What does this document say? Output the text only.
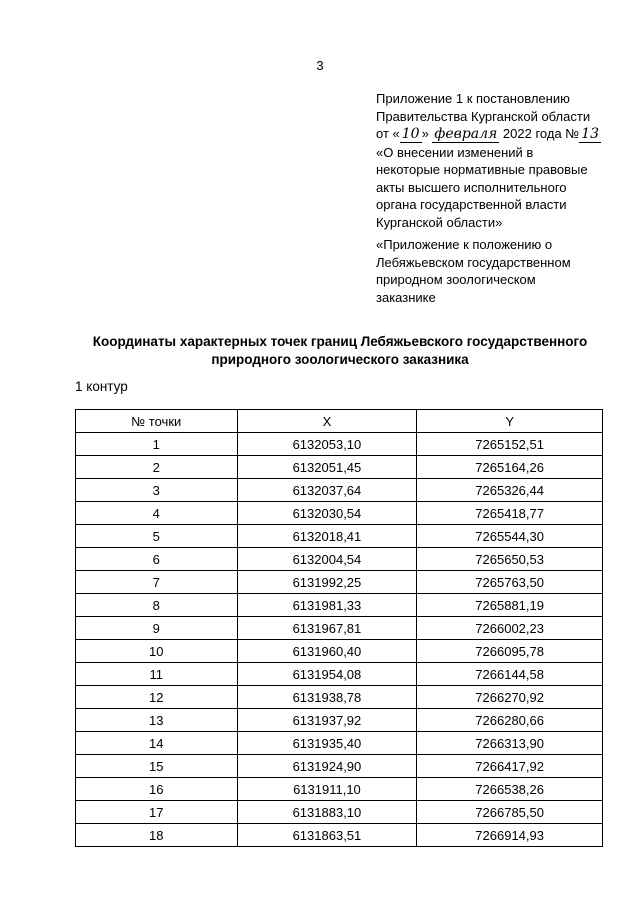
3
Приложение 1 к постановлению
Правительства Курганской области
от « 10 » февраля 2022 года № 13
«О внесении изменений в
некоторые нормативные правовые
акты высшего исполнительного
органа государственной власти
Курганской области»
«Приложение к положению о
Лебяжьевском государственном
природном зоологическом
заказнике
Координаты характерных точек границ Лебяжьевского государственного
природного зоологического заказника
1 контур
№ точки	X	Y
1	6132053,10	7265152,51
2	6132051,45	7265164,26
3	6132037,64	7265326,44
4	6132030,54	7265418,77
5	6132018,41	7265544,30
6	6132004,54	7265650,53
7	6131992,25	7265763,50
8	6131981,33	7265881,19
9	6131967,81	7266002,23
10	6131960,40	7266095,78
11	6131954,08	7266144,58
12	6131938,78	7266270,92
13	6131937,92	7266280,66
14	6131935,40	7266313,90
15	6131924,90	7266417,92
16	6131911,10	7266538,26
17	6131883,10	7266785,50
18	6131863,51	7266914,93
